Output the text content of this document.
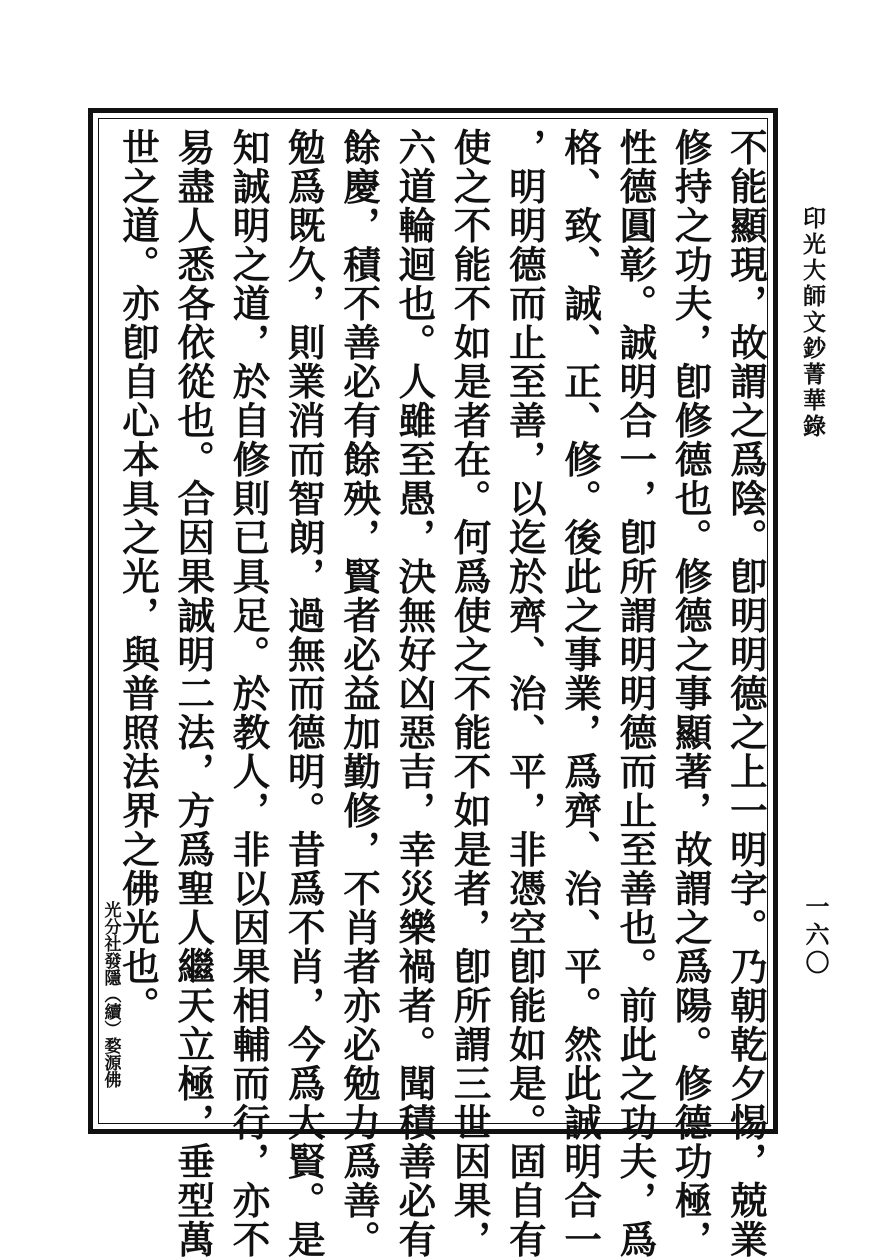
印光大師文鈔菁華錄
一六〇
不能顯現，故謂之爲陰。卽明明德之上一明字。乃朝乾夕惕，兢業
修持之功夫，卽修德也。修德之事顯著，故謂之爲陽。修德功極，
性德圓彰。誠明合一，卽所謂明明德而止至善也。前此之功夫，爲
格、致、誠、正、修。後此之事業，爲齊、治、平。然此誠明合一
，明明德而止至善，以迄於齊、治、平，非憑空卽能如是。固自有
使之不能不如是者在。何爲使之不能不如是者，卽所謂三世因果，
六道輪迴也。人雖至愚，決無好凶惡吉，幸災樂禍者。聞積善必有
餘慶，積不善必有餘殃，賢者必益加勤修，不肖者亦必勉力爲善。
勉爲既久，則業消而智朗，過無而德明。昔爲不肖，今爲大賢。是
知誠明之道，於自修則已具足。於教人，非以因果相輔而行，亦不
易盡人悉各依從也。合因果誠明二法，方爲聖人繼天立極，垂型萬
世之道。亦卽自心本具之光，與普照法界之佛光也。
（續）婺源佛
光分社發隱
